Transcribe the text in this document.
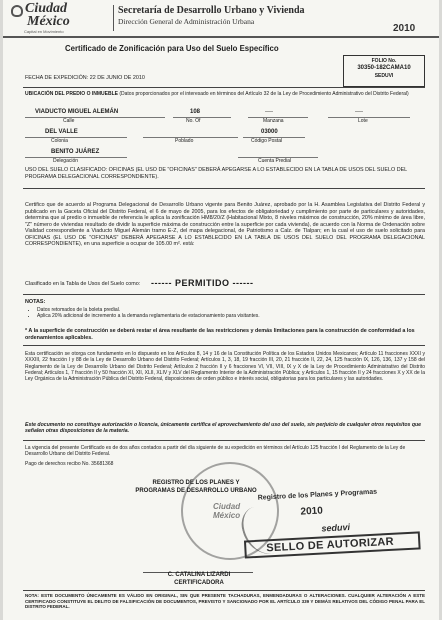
Ciudad
México
Capital en Movimiento
Secretaría de Desarrollo Urbano y Vivienda
Dirección General de Administración Urbana
2010
Certificado de Zonificación para Uso del Suelo Específico
FOLIO No.
30350-182CAMA10
SEDUVI
FECHA DE EXPEDICIÓN: 22 DE JUNIO DE 2010
UBICACIÓN DEL PREDIO O INMUEBLE (Datos proporcionados por el interesado en términos del Artículo 32 de la Ley de Procedimiento Administrativo del Distrito Federal)
VIADUCTO MIGUEL ALEMÁN
Calle
108
No. Of
----
Manzana
----
Lote
DEL VALLE
Colonia	Poblado
03000
Código Postal
BENITO JUÁREZ
Delegación	Cuenta Predial
USO DEL SUELO CLASIFICADO: OFICINAS (EL USO DE "OFICINAS" DEBERÁ APEGARSE A LO ESTABLECIDO EN LA TABLA DE USOS DEL SUELO DEL PROGRAMA DELEGACIONAL CORRESPONDIENTE).
Certifico que de acuerdo al Programa Delegacional de Desarrollo Urbano vigente para Benito Juárez, aprobado por la H. Asamblea Legislativa del Distrito Federal y publicado en la Gaceta Oficial del Distrito Federal, el 6 de mayo de 2005, para los efectos de obligatoriedad y cumplimiento por parte de particulares y autoridades, determina que al predio o inmueble de referencia le aplica la zonificación HM8/20/Z (Habitacional Mixto, 8 niveles máximos de construcción, 20% mínimo de área libre, "Z" número de viviendas resultado de dividir la superficie máxima de construcción entre la superficie por cada vivienda), de acuerdo con la Norma de Ordenación sobre Vialidad correspondiente a Viaducto Miguel Alemán tramo E-Z, del mapa delegacional, de Patriotismo a Calz. de Tlalpan; en la cual el uso de suelo solicitado para OFICINAS (EL USO DE "OFICINAS" DEBERÁ APEGARSE A LO ESTABLECIDO EN LA TABLA DE USOS DEL SUELO DEL PROGRAMA DELEGACIONAL CORRESPONDIENTE), en una superficie a ocupar de 105.00 m². está:
Clasificado en la Tabla de Usos del Suelo como: ------ PERMITIDO ------
NOTAS:
• Datos retomados de la boleta predial.
• Aplica 20% adicional de incremento a la demanda reglamentaria de estacionamiento para visitantes.
* A la superficie de construcción se deberá restar el área resultante de las restricciones y demás limitaciones para la construcción de conformidad a los ordenamientos aplicables.
Esta certificación se otorga con fundamento en lo dispuesto en los Artículos 8, 14 y 16 de la Constitución Política de los Estados Unidos Mexicanos; Artículo 11 fracciones XXXI y XXXIII, 22 fracción I y 88 de la Ley de Desarrollo Urbano del Distrito Federal; Artículos 1, 3, 18, 19 fracción III, 20, 21 fracción II, 22, 24, 125 fracción IX, 126, 136, 137 y 158 del Reglamento de la Ley de Desarrollo Urbano del Distrito Federal; Artículos 2 fracción II y 6 fracciones VI, VII, VIII, IX y X de la Ley de Procedimiento Administrativo del Distrito Federal; Artículos 1, 7 fracción II y 50 fracción XI, XII, XLII, XLIV y XLV del Reglamento Interior de la Administración Pública; y Artículos 1, 15 fracción II y 24 fracciones X y XX de la Ley Orgánica de la Administración Pública del Distrito Federal, disposiciones de orden público e interés social, obligatorias para los particulares y las autoridades.
Este documento no constituye autorización o licencia, únicamente certifica el aprovechamiento del uso del suelo, sin perjuicio de cualquier otros requisitos que señalen otras disposiciones de la materia.
La vigencia del presente Certificado es de dos años contados a partir del día siguiente de su expedición en términos del Artículo 125 fracción I del Reglamento de la Ley de Desarrollo Urbano del Distrito Federal.
Pago de derechos recibo No. 35681368
REGISTRO DE LOS PLANES Y
PROGRAMAS DE DESARROLLO URBANO
Ciudad
México
Registro de los Planes y Programas
2010
seduvi
SELLO DE AUTORIZAR
C. CATALINA LIZARDI
CERTIFICADORA
NOTA: ESTE DOCUMENTO ÚNICAMENTE ES VÁLIDO EN ORIGINAL, SIN QUE PRESENTE TACHADURAS, ENMENDADURAS O ALTERACIONES. CUALQUIER ALTERACIÓN A ESTE CERTIFICADO CONSTITUYE EL DELITO DE FALSIFICACIÓN DE DOCUMENTOS, PREVISTO Y SANCIONADO POR EL ARTÍCULO 339 Y DEMÁS RELATIVOS DEL CÓDIGO PENAL PARA EL DISTRITO FEDERAL.
